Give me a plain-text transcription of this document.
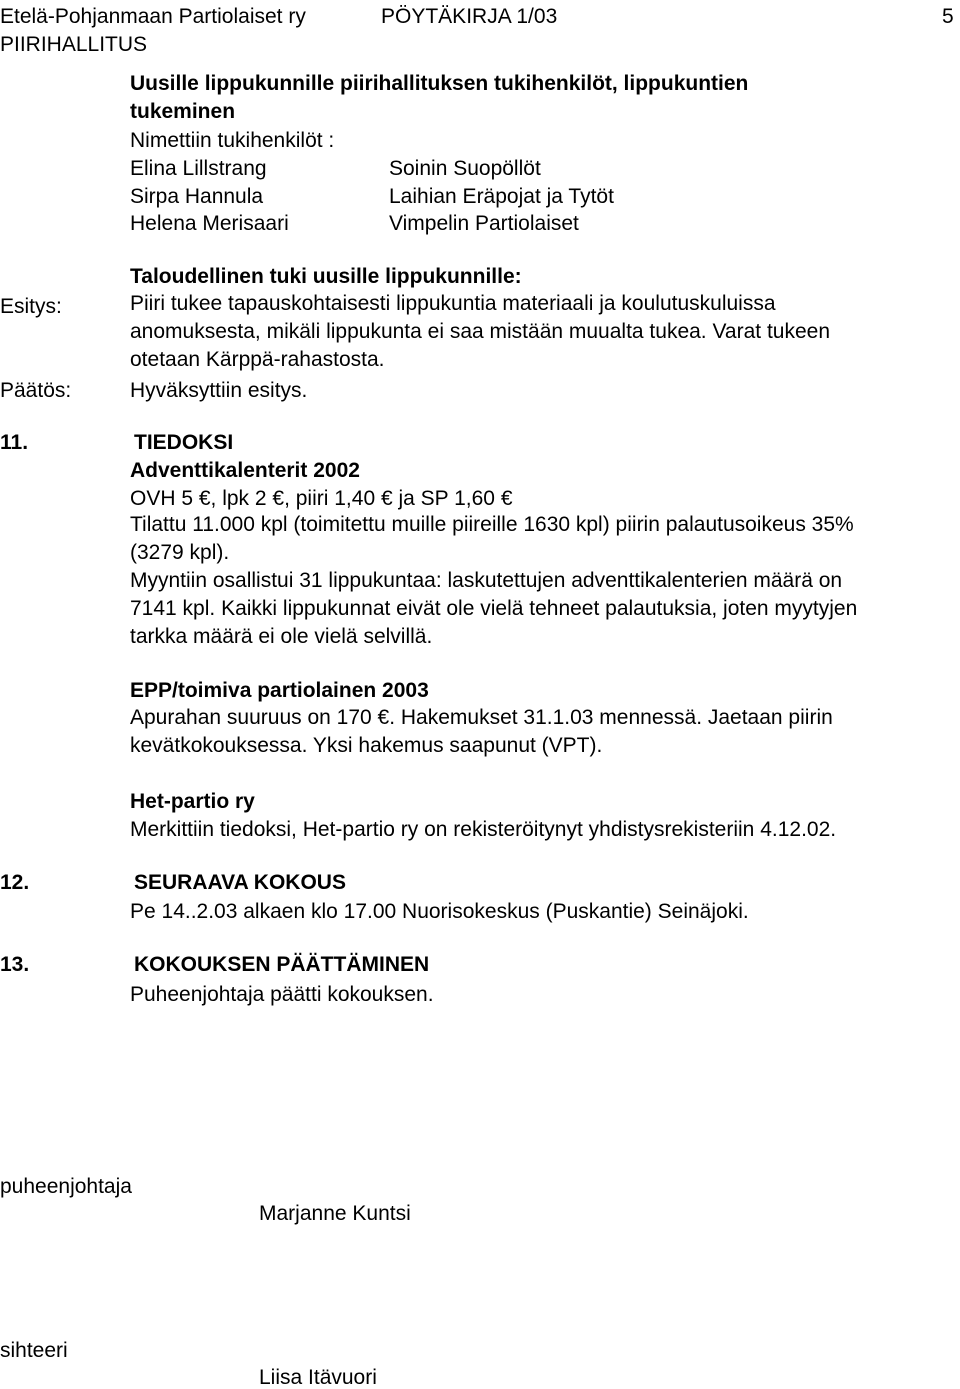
Etelä-Pohjanmaan Partiolaiset ry	PÖYTÄKIRJA 1/03	5
PIIRIHALLITUS
Uusille lippukunnille piirihallituksen tukihenkilöt, lippukuntien
tukeminen
Nimettiin tukihenkilöt :
Elina Lillstrang	Soinin Suopöllöt
Sirpa Hannula	Laihian Eräpojat ja Tytöt
Helena Merisaari	Vimpelin Partiolaiset
Taloudellinen tuki uusille lippukunnille:
Esitys:	Piiri tukee tapauskohtaisesti lippukuntia materiaali ja koulutuskuluissa
anomuksesta, mikäli lippukunta ei saa mistään muualta tukea. Varat tukeen
otetaan Kärppä-rahastosta.
Päätös:	Hyväksyttiin esitys.
11.	TIEDOKSI
Adventtikalenterit 2002
OVH 5 €, lpk 2 €, piiri 1,40 € ja SP 1,60 €
Tilattu 11.000 kpl (toimitettu muille piireille 1630 kpl) piirin palautusoikeus 35%
(3279 kpl).
Myyntiin osallistui 31 lippukuntaa: laskutettujen adventtikalenterien määrä on
7141 kpl. Kaikki lippukunnat eivät ole vielä tehneet palautuksia, joten myytyjen
tarkka määrä ei ole vielä selvillä.
EPP/toimiva partiolainen 2003
Apurahan suuruus on 170 €. Hakemukset 31.1.03 mennessä. Jaetaan piirin
kevätkokouksessa. Yksi hakemus saapunut (VPT).
Het-partio ry
Merkittiin tiedoksi, Het-partio ry on rekisteröitynyt yhdistysrekisteriin 4.12.02.
12.	SEURAAVA KOKOUS
Pe 14..2.03 alkaen klo 17.00 Nuorisokeskus (Puskantie) Seinäjoki.
13.	KOKOUKSEN PÄÄTTÄMINEN
Puheenjohtaja päätti kokouksen.
puheenjohtaja
Marjanne Kuntsi
sihteeri
Liisa Itävuori
